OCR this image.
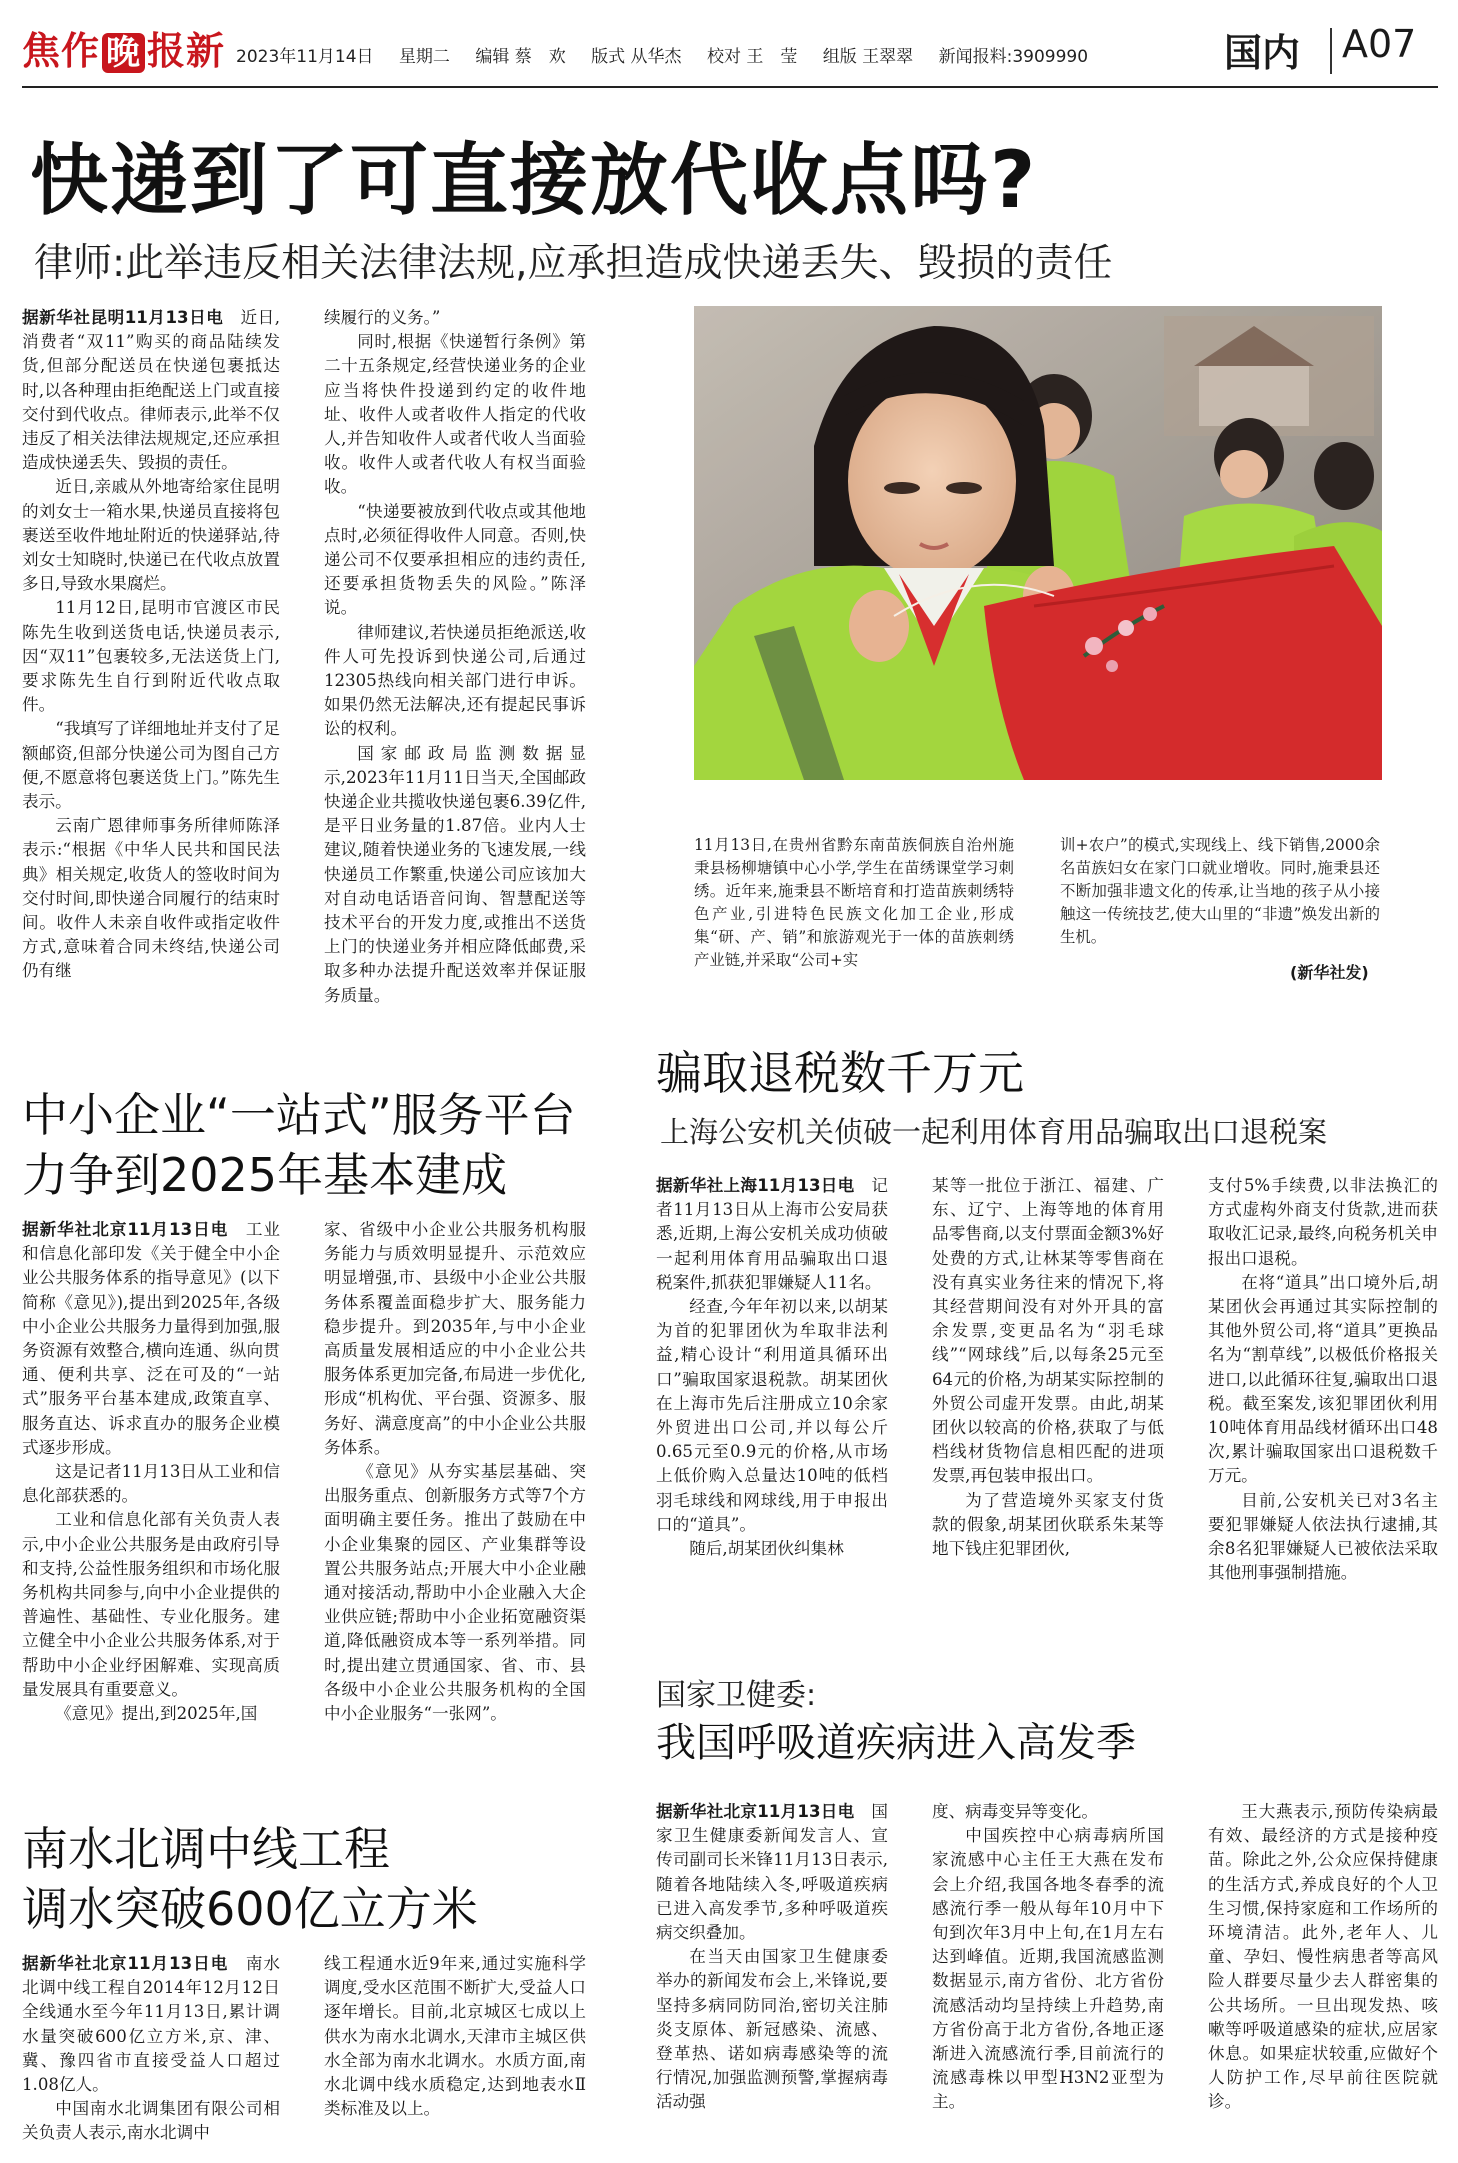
焦作 晚 报新 2023年11月14日 星期二 编辑 蔡　欢 版式 从华杰 校对 王　莹 组版 王翠翠 新闻报料:3909990	国内 A07
快递到了可直接放代收点吗?
律师:此举违反相关法律法规,应承担造成快递丢失、毁损的责任

据新华社昆明11月13日电　 近日,消费者“双11”购买的商品陆续发货,但部分配送员在快递包裹抵达时,以各种理由拒绝配送上门或直接交付到代收点。律师表示,此举不仅违反了相关法律法规规定,还应承担造成快递丢失、毁损的责任。

近日,亲戚从外地寄给家住昆明的刘女士一箱水果,快递员直接将包裹送至收件地址附近的快递驿站,待刘女士知晓时,快递已在代收点放置多日,导致水果腐烂。

11月12日,昆明市官渡区市民陈先生收到送货电话,快递员表示,因“双11”包裹较多,无法送货上门,要求陈先生自行到附近代收点取件。

“我填写了详细地址并支付了足额邮资,但部分快递公司为图自己方便,不愿意将包裹送货上门。”陈先生表示。

云南广恩律师事务所律师陈泽表示:“根据《中华人民共和国民法典》相关规定,收货人的签收时间为交付时间,即快递合同履行的结束时间。收件人未亲自收件或指定收件方式,意味着合同未终结,快递公司仍有继

续履行的义务。”

同时,根据《快递暂行条例》第二十五条规定,经营快递业务的企业应当将快件投递到约定的收件地址、收件人或者收件人指定的代收人,并告知收件人或者代收人当面验收。收件人或者代收人有权当面验收。

“快递要被放到代收点或其他地点时,必须征得收件人同意。否则,快递公司不仅要承担相应的违约责任,还要承担货物丢失的风险。”陈泽说。

律师建议,若快递员拒绝派送,收件人可先投诉到快递公司,后通过12305热线向相关部门进行申诉。如果仍然无法解决,还有提起民事诉讼的权利。

国家邮政局监测数据显示,2023年11月11日当天,全国邮政快递企业共揽收快递包裹6.39亿件,是平日业务量的1.87倍。业内人士建议,随着快递业务的飞速发展,一线快递员工作繁重,快递公司应该加大对自动电话语音问询、智慧配送等技术平台的开发力度,或推出不送货上门的快递业务并相应降低邮费,采取多种办法提升配送效率并保证服务质量。

11月13日,在贵州省黔东南苗族侗族自治州施秉县杨柳塘镇中心小学,学生在苗绣课堂学习刺绣。近年来,施秉县不断培育和打造苗族刺绣特色产业,引进特色民族文化加工企业,形成集“研、产、销”和旅游观光于一体的苗族刺绣产业链,并采取“公司+实
训+农户”的模式,实现线上、线下销售,2000余名苗族妇女在家门口就业增收。同时,施秉县还不断加强非遗文化的传承,让当地的孩子从小接触这一传统技艺,使大山里的“非遗”焕发出新的生机。
(新华社发)
骗取退税数千万元
上海公安机关侦破一起利用体育用品骗取出口退税案

据新华社上海11月13日电　 记者11月13日从上海市公安局获悉,近期,上海公安机关成功侦破一起利用体育用品骗取出口退税案件,抓获犯罪嫌疑人11名。

经查,今年年初以来,以胡某为首的犯罪团伙为牟取非法利益,精心设计“利用道具循环出口”骗取国家退税款。胡某团伙在上海市先后注册成立10余家外贸进出口公司,并以每公斤0.65元至0.9元的价格,从市场上低价购入总量达10吨的低档羽毛球线和网球线,用于申报出口的“道具”。

随后,胡某团伙纠集林

某等一批位于浙江、福建、广东、辽宁、上海等地的体育用品零售商,以支付票面金额3%好处费的方式,让林某等零售商在没有真实业务往来的情况下,将其经营期间没有对外开具的富余发票,变更品名为“羽毛球线”“网球线”后,以每条25元至64元的价格,为胡某实际控制的外贸公司虚开发票。由此,胡某团伙以较高的价格,获取了与低档线材货物信息相匹配的进项发票,再包装申报出口。

为了营造境外买家支付货款的假象,胡某团伙联系朱某等地下钱庄犯罪团伙,

支付5%手续费,以非法换汇的方式虚构外商支付货款,进而获取收汇记录,最终,向税务机关申报出口退税。

在将“道具”出口境外后,胡某团伙会再通过其实际控制的其他外贸公司,将“道具”更换品名为“割草线”,以极低价格报关进口,以此循环往复,骗取出口退税。截至案发,该犯罪团伙利用10吨体育用品线材循环出口48次,累计骗取国家出口退税数千万元。

目前,公安机关已对3名主要犯罪嫌疑人依法执行逮捕,其余8名犯罪嫌疑人已被依法采取其他刑事强制措施。

中小企业“一站式”服务平台
力争到2025年基本建成

据新华社北京11月13日电　 工业和信息化部印发《关于健全中小企业公共服务体系的指导意见》(以下简称《意见》),提出到2025年,各级中小企业公共服务力量得到加强,服务资源有效整合,横向连通、纵向贯通、便利共享、泛在可及的“一站式”服务平台基本建成,政策直享、服务直达、诉求直办的服务企业模式逐步形成。

这是记者11月13日从工业和信息化部获悉的。

工业和信息化部有关负责人表示,中小企业公共服务是由政府引导和支持,公益性服务组织和市场化服务机构共同参与,向中小企业提供的普遍性、基础性、专业化服务。建立健全中小企业公共服务体系,对于帮助中小企业纾困解难、实现高质量发展具有重要意义。

《意见》提出,到2025年,国

家、省级中小企业公共服务机构服务能力与质效明显提升、示范效应明显增强,市、县级中小企业公共服务体系覆盖面稳步扩大、服务能力稳步提升。到2035年,与中小企业高质量发展相适应的中小企业公共服务体系更加完备,布局进一步优化,形成“机构优、平台强、资源多、服务好、满意度高”的中小企业公共服务体系。

《意见》从夯实基层基础、突出服务重点、创新服务方式等7个方面明确主要任务。推出了鼓励在中小企业集聚的园区、产业集群等设置公共服务站点;开展大中小企业融通对接活动,帮助中小企业融入大企业供应链;帮助中小企业拓宽融资渠道,降低融资成本等一系列举措。同时,提出建立贯通国家、省、市、县各级中小企业公共服务机构的全国中小企业服务“一张网”。

国家卫健委:
我国呼吸道疾病进入高发季

据新华社北京11月13日电　 国家卫生健康委新闻发言人、宣传司副司长米锋11月13日表示,随着各地陆续入冬,呼吸道疾病已进入高发季节,多种呼吸道疾病交织叠加。

在当天由国家卫生健康委举办的新闻发布会上,米锋说,要坚持多病同防同治,密切关注肺炎支原体、新冠感染、流感、登革热、诺如病毒感染等的流行情况,加强监测预警,掌握病毒活动强

度、病毒变异等变化。

中国疾控中心病毒病所国家流感中心主任王大燕在发布会上介绍,我国各地冬春季的流感流行季一般从每年10月中下旬到次年3月中上旬,在1月左右达到峰值。近期,我国流感监测数据显示,南方省份、北方省份流感活动均呈持续上升趋势,南方省份高于北方省份,各地正逐渐进入流感流行季,目前流行的流感毒株以甲型H3N2亚型为主。

王大燕表示,预防传染病最有效、最经济的方式是接种疫苗。除此之外,公众应保持健康的生活方式,养成良好的个人卫生习惯,保持家庭和工作场所的环境清洁。此外,老年人、儿童、孕妇、慢性病患者等高风险人群要尽量少去人群密集的公共场所。一旦出现发热、咳嗽等呼吸道感染的症状,应居家休息。如果症状较重,应做好个人防护工作,尽早前往医院就诊。

南水北调中线工程
调水突破600亿立方米

据新华社北京11月13日电　 南水北调中线工程自2014年12月12日全线通水至今年11月13日,累计调水量突破600亿立方米,京、津、冀、豫四省市直接受益人口超过1.08亿人。

中国南水北调集团有限公司相关负责人表示,南水北调中

线工程通水近9年来,通过实施科学调度,受水区范围不断扩大,受益人口逐年增长。目前,北京城区七成以上供水为南水北调水,天津市主城区供水全部为南水北调水。水质方面,南水北调中线水质稳定,达到地表水Ⅱ类标准及以上。
